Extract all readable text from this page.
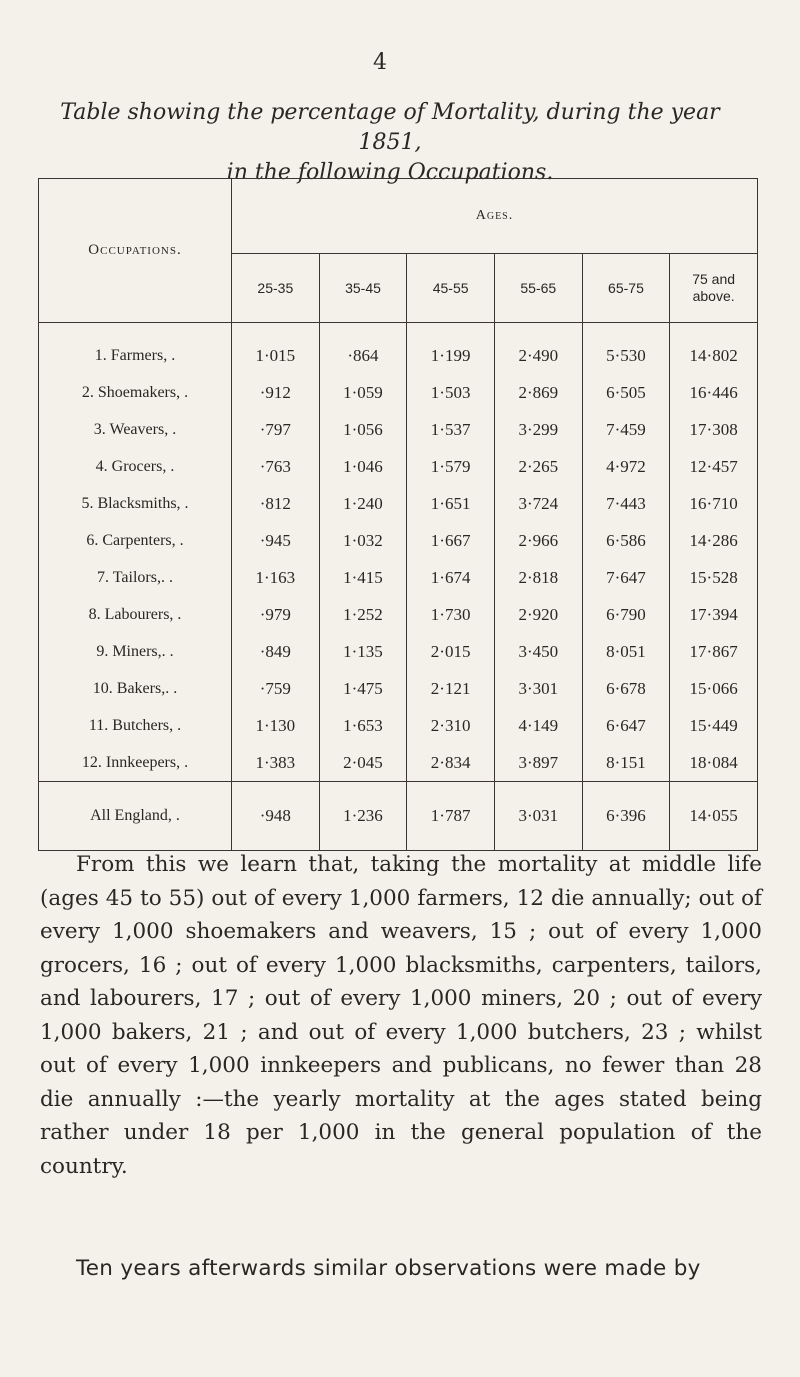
4
Table showing the percentage of Mortality, during the year 1851,
in the following Occupations.
Occupations.	Ages.					
	25-35	35-45	45-55	55-65	65-75	75 and above.
1. Farmers, .	1·015	·864	1·199	2·490	5·530	14·802
2. Shoemakers, .	·912	1·059	1·503	2·869	6·505	16·446
3. Weavers, .	·797	1·056	1·537	3·299	7·459	17·308
4. Grocers, .	·763	1·046	1·579	2·265	4·972	12·457
5. Blacksmiths, .	·812	1·240	1·651	3·724	7·443	16·710
6. Carpenters, .	·945	1·032	1·667	2·966	6·586	14·286
7. Tailors,. .	1·163	1·415	1·674	2·818	7·647	15·528
8. Labourers, .	·979	1·252	1·730	2·920	6·790	17·394
9. Miners,. .	·849	1·135	2·015	3·450	8·051	17·867
10. Bakers,. .	·759	1·475	2·121	3·301	6·678	15·066
11. Butchers, .	1·130	1·653	2·310	4·149	6·647	15·449
12. Innkeepers, .	1·383	2·045	2·834	3·897	8·151	18·084
All England, .	·948	1·236	1·787	3·031	6·396	14·055

From this we learn that, taking the mortality at middle life (ages 45 to 55) out of every 1,000 farmers, 12 die annually; out of every 1,000 shoemakers and weavers, 15 ; out of every 1,000 grocers, 16 ; out of every 1,000 blacksmiths, carpenters, tailors, and labourers, 17 ; out of every 1,000 miners, 20 ; out of every 1,000 bakers, 21 ; and out of every 1,000 butchers, 23 ; whilst out of every 1,000 innkeepers and publicans, no fewer than 28 die annually :—the yearly mortality at the ages stated being rather under 18 per 1,000 in the general population of the country.

Ten years afterwards similar observations were made by
